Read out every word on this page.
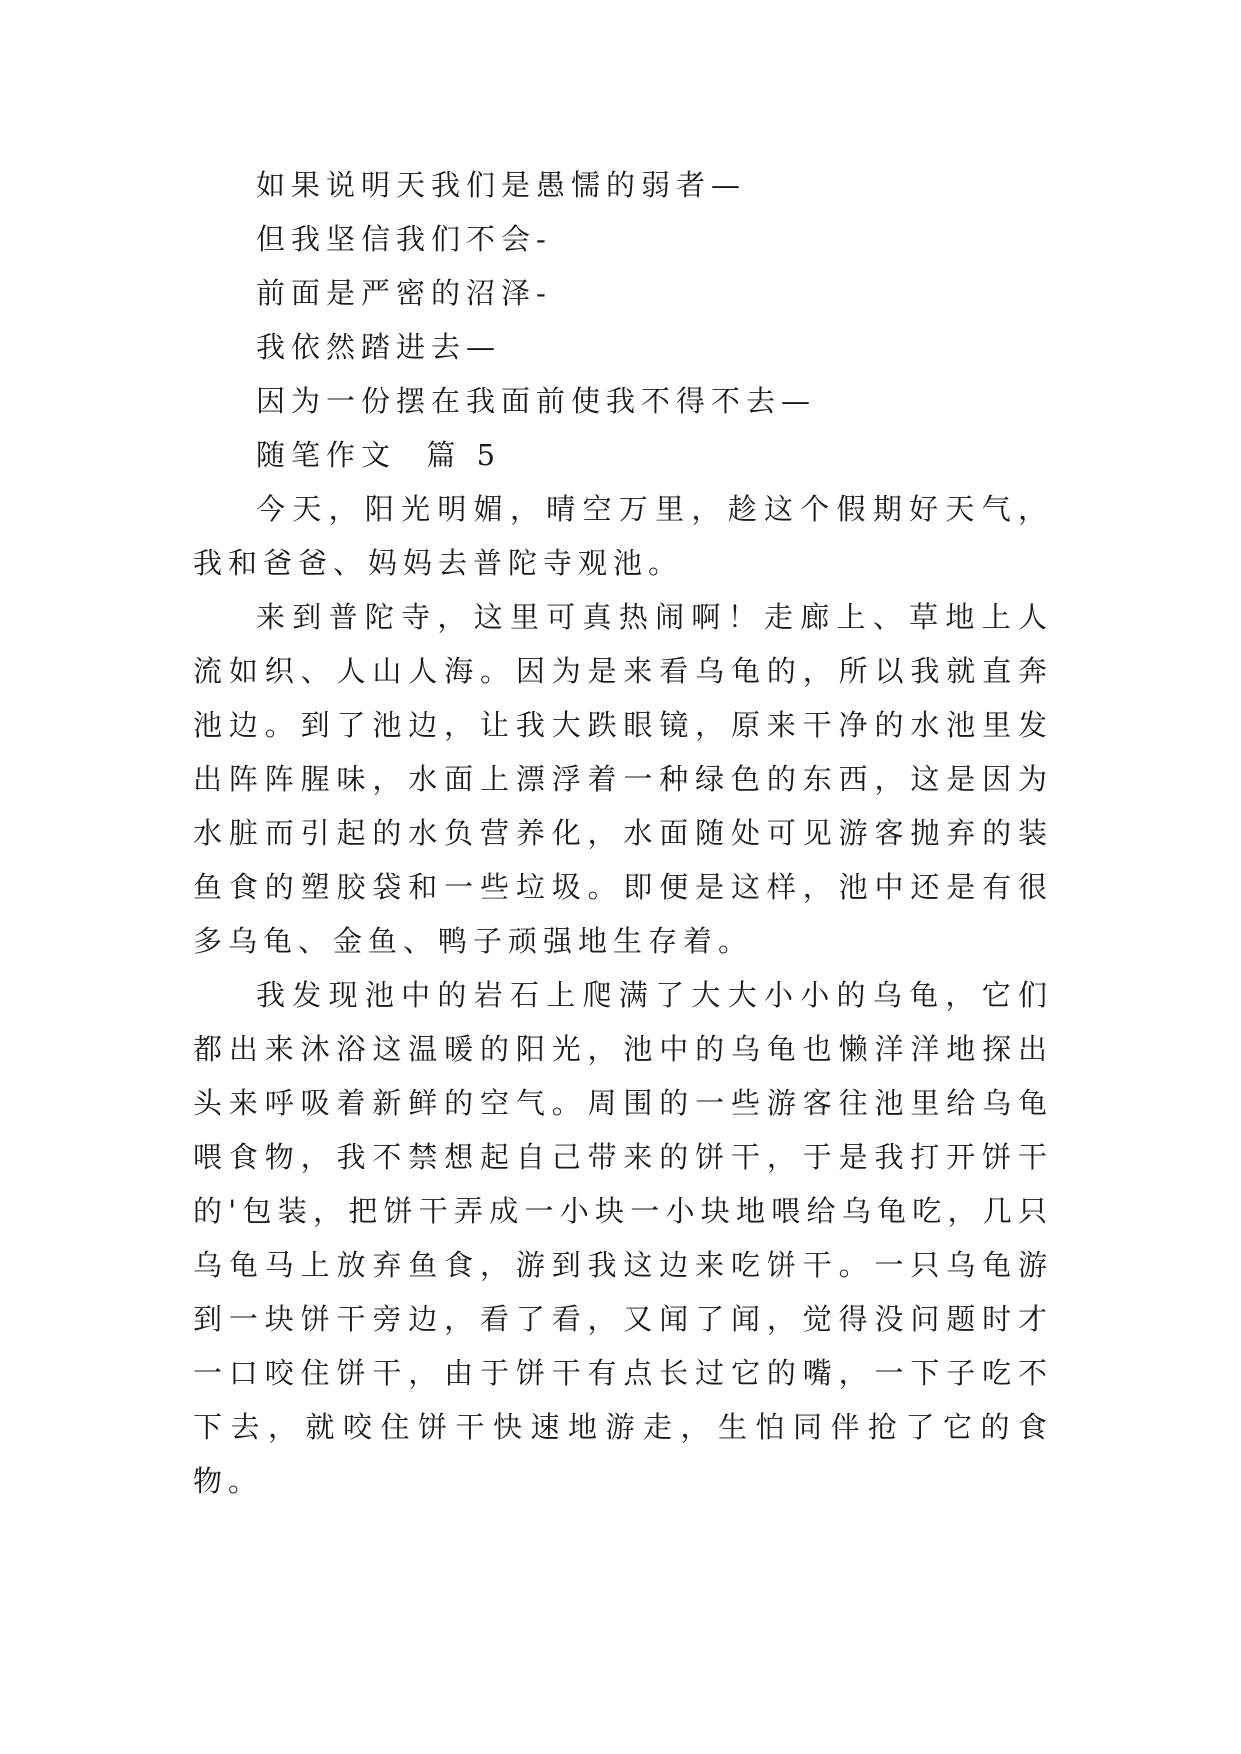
如果说明天我们是愚懦的弱者—
但我坚信我们不会-
前面是严密的沼泽-
我依然踏进去—
因为一份摆在我面前使我不得不去—
随笔作文  篇 5

今天，阳光明媚，晴空万里，趁这个假期好天气，我和爸爸、妈妈去普陀寺观池。

来到普陀寺，这里可真热闹啊！走廊上、草地上人流如织、人山人海。因为是来看乌龟的，所以我就直奔池边。到了池边，让我大跌眼镜，原来干净的水池里发出阵阵腥味，水面上漂浮着一种绿色的东西，这是因为水脏而引起的水负营养化，水面随处可见游客抛弃的装鱼食的塑胶袋和一些垃圾。即便是这样，池中还是有很多乌龟、金鱼、鸭子顽强地生存着。

我发现池中的岩石上爬满了大大小小的乌龟，它们都出来沐浴这温暖的阳光，池中的乌龟也懒洋洋地探出头来呼吸着新鲜的空气。周围的一些游客往池里给乌龟喂食物，我不禁想起自己带来的饼干，于是我打开饼干的'包装，把饼干弄成一小块一小块地喂给乌龟吃，几只乌龟马上放弃鱼食，游到我这边来吃饼干。一只乌龟游到一块饼干旁边，看了看，又闻了闻，觉得没问题时才一口咬住饼干，由于饼干有点长过它的嘴，一下子吃不下去，就咬住饼干快速地游走，生怕同伴抢了它的食物。
